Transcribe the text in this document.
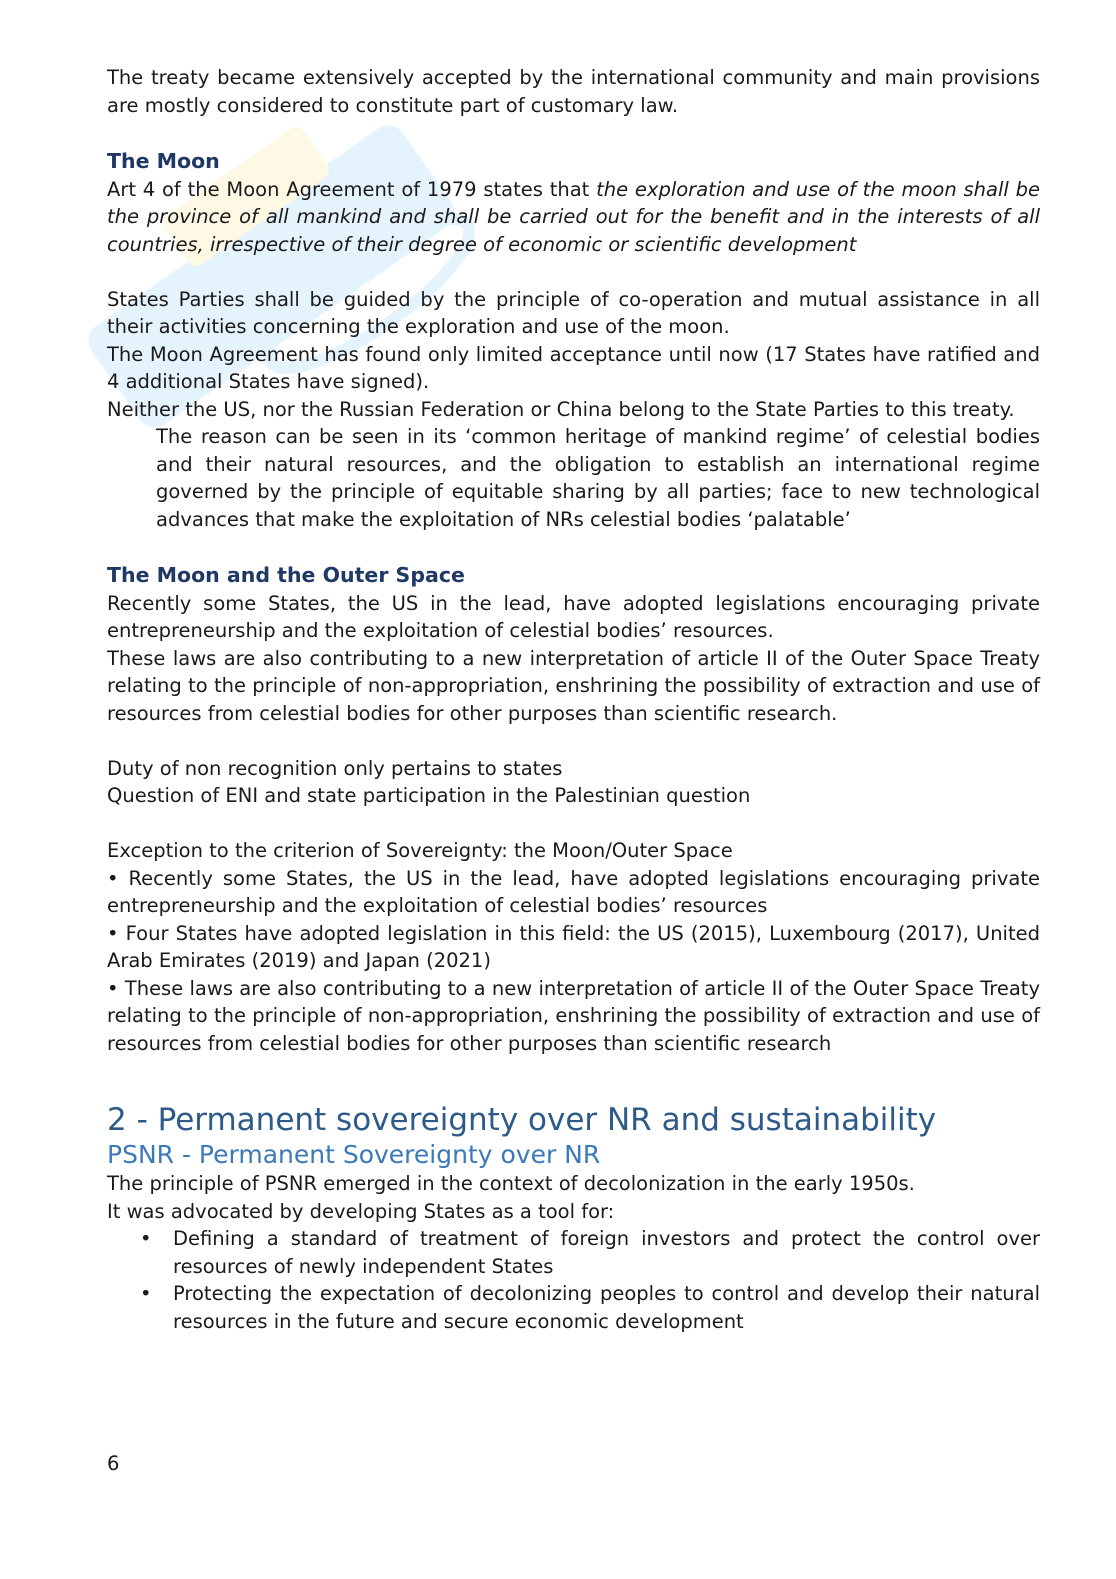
The treaty became extensively accepted by the international community and main provisions are mostly considered to constitute part of customary law.

The Moon

Art 4 of the Moon Agreement of 1979 states that the exploration and use of the moon shall be the province of all mankind and shall be carried out for the benefit and in the interests of all countries, irrespective of their degree of economic or scientific development

States Parties shall be guided by the principle of co-operation and mutual assistance in all their activities concerning the exploration and use of the moon.

The Moon Agreement has found only limited acceptance until now (17 States have ratified and 4 additional States have signed).

Neither the US, nor the Russian Federation or China belong to the State Parties to this treaty.

The reason can be seen in its ‘common heritage of mankind regime’ of celestial bodies and their natural resources, and the obligation to establish an international regime governed by the principle of equitable sharing by all parties; face to new technological advances that make the exploitation of NRs celestial bodies ‘palatable’

The Moon and the Outer Space

Recently some States, the US in the lead, have adopted legislations encouraging private entrepreneurship and the exploitation of celestial bodies’ resources.

These laws are also contributing to a new interpretation of article II of the Outer Space Treaty relating to the principle of non-appropriation, enshrining the possibility of extraction and use of resources from celestial bodies for other purposes than scientific research.

Duty of non recognition only pertains to states

Question of ENI and state participation in the Palestinian question

Exception to the criterion of Sovereignty: the Moon/Outer Space

• Recently some States, the US in the lead, have adopted legislations encouraging private entrepreneurship and the exploitation of celestial bodies’ resources

• Four States have adopted legislation in this field: the US (2015), Luxembourg (2017), United Arab Emirates (2019) and Japan (2021)

• These laws are also contributing to a new interpretation of article II of the Outer Space Treaty relating to the principle of non-appropriation, enshrining the possibility of extraction and use of resources from celestial bodies for other purposes than scientific research

2 - Permanent sovereignty over NR and sustainability
PSNR - Permanent Sovereignty over NR

The principle of PSNR emerged in the context of decolonization in the early 1950s.

It was advocated by developing States as a tool for:

• Defining a standard of treatment of foreign investors and protect the control over resources of newly independent States
• Protecting the expectation of decolonizing peoples to control and develop their natural resources in the future and secure economic development
6
